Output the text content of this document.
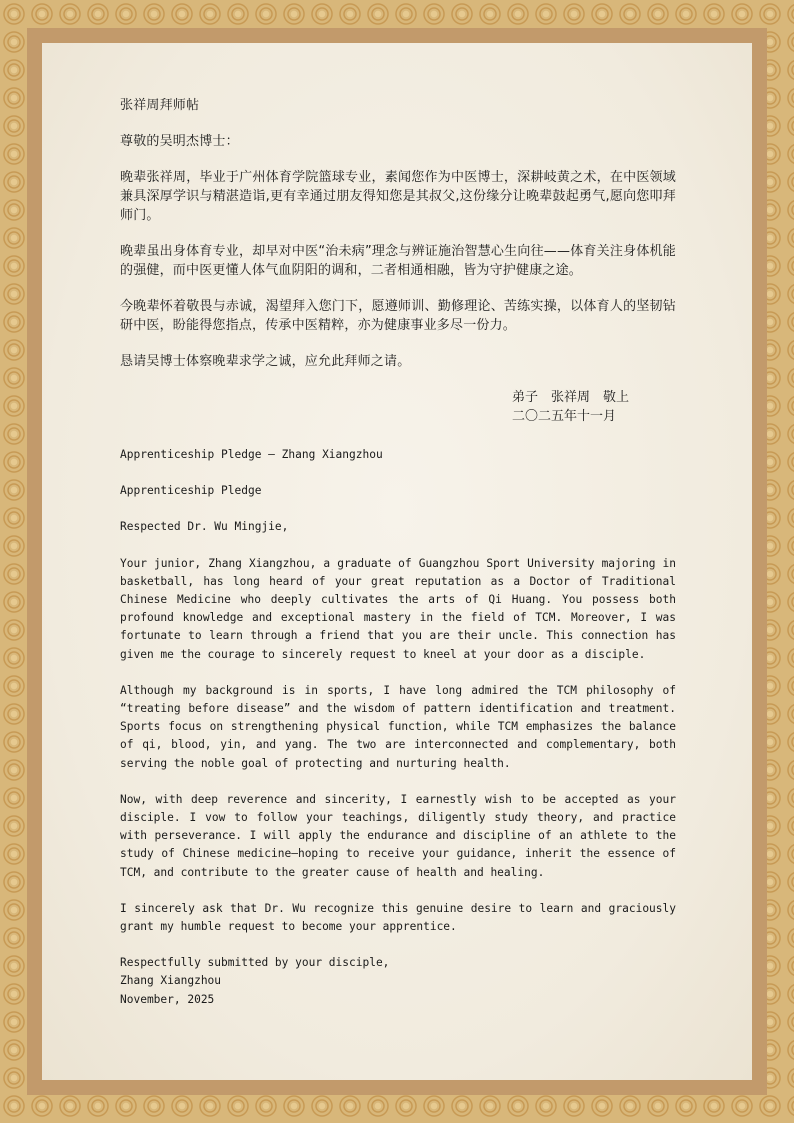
张祥周拜师帖

尊敬的吴明杰博士：

晚辈张祥周，毕业于广州体育学院篮球专业，素闻您作为中医博士，深耕岐黄之术，在中医领域兼具深厚学识与精湛造诣,更有幸通过朋友得知您是其叔父,这份缘分让晚辈鼓起勇气,愿向您叩拜师门。

晚辈虽出身体育专业，却早对中医“治未病”理念与辨证施治智慧心生向往——体育关注身体机能的强健，而中医更懂人体气血阴阳的调和，二者相通相融，皆为守护健康之途。

今晚辈怀着敬畏与赤诚，渴望拜入您门下，愿遵师训、勤修理论、苦练实操，以体育人的坚韧钻研中医，盼能得您指点，传承中医精粹，亦为健康事业多尽一份力。

恳请吴博士体察晚辈求学之诚，应允此拜师之请。

弟子　张祥周　敬上
二〇二五年十一月

Apprenticeship Pledge — Zhang Xiangzhou

Apprenticeship Pledge

Respected Dr. Wu Mingjie,

Your junior, Zhang Xiangzhou, a graduate of Guangzhou Sport University majoring in basketball, has long heard of your great reputation as a Doctor of Traditional Chinese Medicine who deeply cultivates the arts of Qi Huang. You possess both profound knowledge and exceptional mastery in the field of TCM. Moreover, I was fortunate to learn through a friend that you are their uncle. This connection has given me the courage to sincerely request to kneel at your door as a disciple.

Although my background is in sports, I have long admired the TCM philosophy of “treating before disease” and the wisdom of pattern identification and treatment. Sports focus on strengthening physical function, while TCM emphasizes the balance of qi, blood, yin, and yang. The two are interconnected and complementary, both serving the noble goal of protecting and nurturing health.

Now, with deep reverence and sincerity, I earnestly wish to be accepted as your disciple. I vow to follow your teachings, diligently study theory, and practice with perseverance. I will apply the endurance and discipline of an athlete to the study of Chinese medicine—hoping to receive your guidance, inherit the essence of TCM, and contribute to the greater cause of health and healing.

I sincerely ask that Dr. Wu recognize this genuine desire to learn and graciously grant my humble request to become your apprentice.

Respectfully submitted by your disciple,

Zhang Xiangzhou

November, 2025
